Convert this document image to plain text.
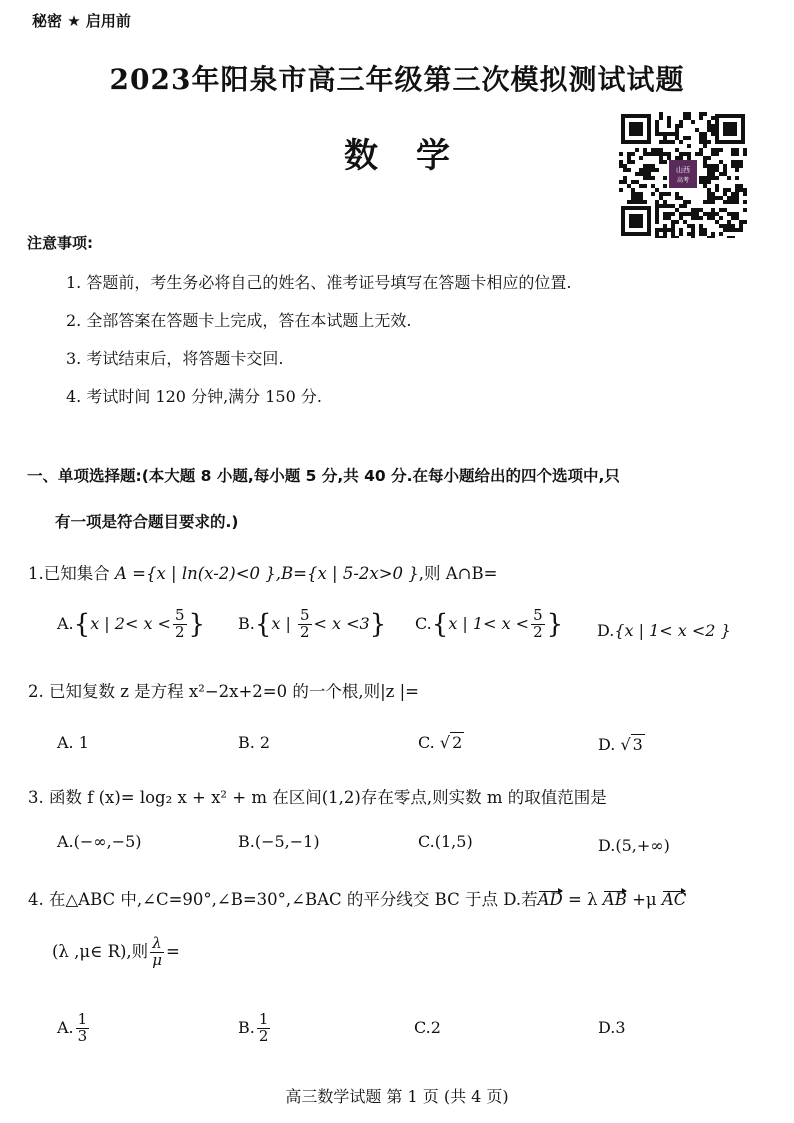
秘密 ★ 启用前
2023年阳泉市高三年级第三次模拟测试试题
数学	山西
高考
注意事项:
1. 答题前，考生务必将自己的姓名、准考证号填写在答题卡相应的位置.
2. 全部答案在答题卡上完成，答在本试题上无效.
3. 考试结束后，将答题卡交回.
4. 考试时间 120 分钟,满分 150 分.
一、单项选择题:(本大题 8 小题,每小题 5 分,共 40 分.在每小题给出的四个选项中,只
有一项是符合题目要求的.)
1.已知集合 A ={x | ln(x-2)<0 },B={x | 5-2x>0 },则 A∩B=
A.{x | $2< x < \frac{5}{2}$ } B.{x | $\frac{5}{2} < x <3$} C.{x | $1< x < \frac{5}{2}$ } D.{x | 1< x <2 }
2. 已知复数 z 是方程 x²−2x+2=0 的一个根,则|z |=
A. 1	B. 2	C. √ 2	D. √ 3
3. 函数 f (x)= log₂ x + x² + m 在区间(1,2)存在零点,则实数 m 的取值范围是
A.(−∞,−5)	B.(−5,−1)	C.(1,5)	D.(5,+∞)
4. 在△ABC 中,∠C=90°,∠B=30°,∠BAC 的平分线交 BC 于点 D.若AD = λ AB +μ AC
(λ ,μ∈ R),则 $\frac{\lambda}{\mu}$ =
A. $\frac{1}{3}$	B. $\frac{1}{2}$	C.2	D.3
高三数学试题 第 1 页 (共 4 页)
